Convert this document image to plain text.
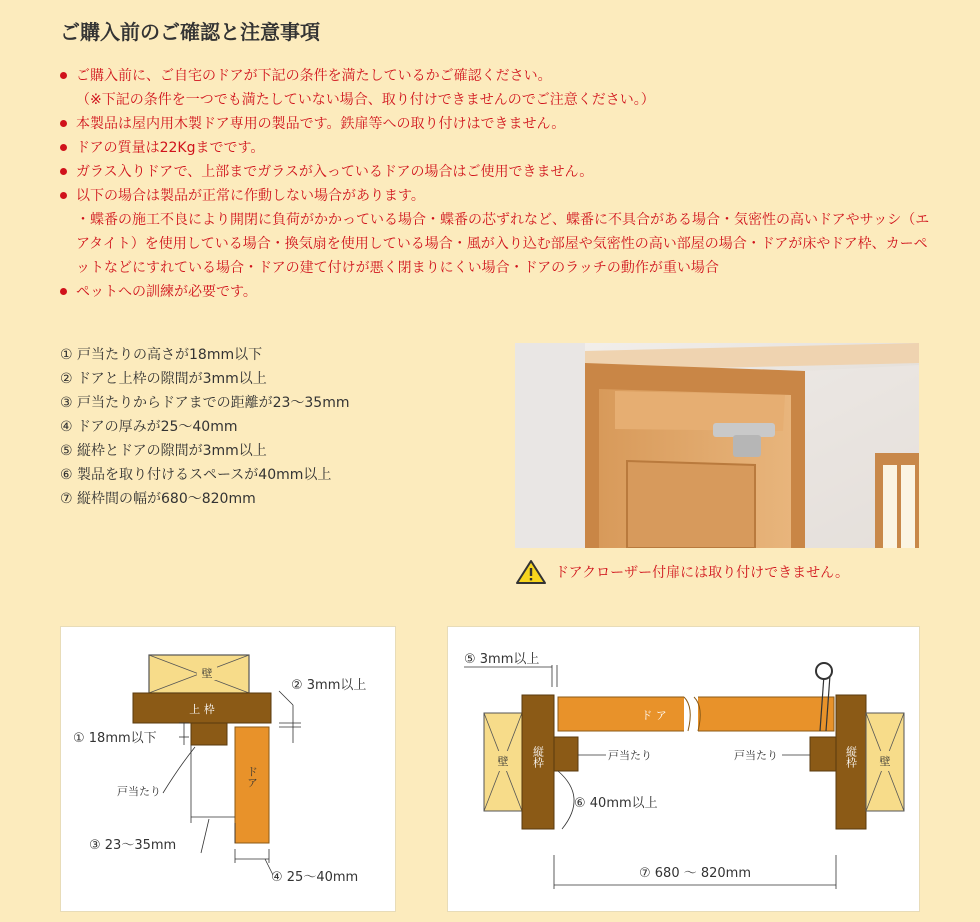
ご購入前のご確認と注意事項
ご購入前に、ご自宅のドアが下記の条件を満たしているかご確認ください。
（※下記の条件を一つでも満たしていない場合、取り付けできませんのでご注意ください。）
本製品は屋内用木製ドア専用の製品です。鉄扉等への取り付けはできません。
ドアの質量は22Kgまでです。
ガラス入りドアで、上部までガラスが入っているドアの場合はご使用できません。
以下の場合は製品が正常に作動しない場合があります。
・蝶番の施工不良により開閉に負荷がかかっている場合・蝶番の芯ずれなど、蝶番に不具合がある場合・気密性の高いドアやサッシ（エアタイト）を使用している場合・換気扇を使用している場合・風が入り込む部屋や気密性の高い部屋の場合・ドアが床やドア枠、カーペットなどにすれている場合・ドアの建て付けが悪く閉まりにくい場合・ドアのラッチの動作が重い場合
ペットへの訓練が必要です。
① 戸当たりの高さが18mm以下
② ドアと上枠の隙間が3mm以上
③ 戸当たりからドアまでの距離が23〜35mm
④ ドアの厚みが25〜40mm
⑤ 縦枠とドアの隙間が3mm以上
⑥ 製品を取り付けるスペースが40mm以上
⑦ 縦枠間の幅が680〜820mm
ドアクローザー付扉には取り付けできません。
壁
上 枠
ドア
② 3mm以上
① 18mm以下
戸当たり
③ 23〜35mm
④ 25〜40mm
⑤ 3mm以上
壁 縦枠
ド ア
縦枠 壁
戸当たり	戸当たり
⑥ 40mm以上
⑦ 680 ～ 820mm
